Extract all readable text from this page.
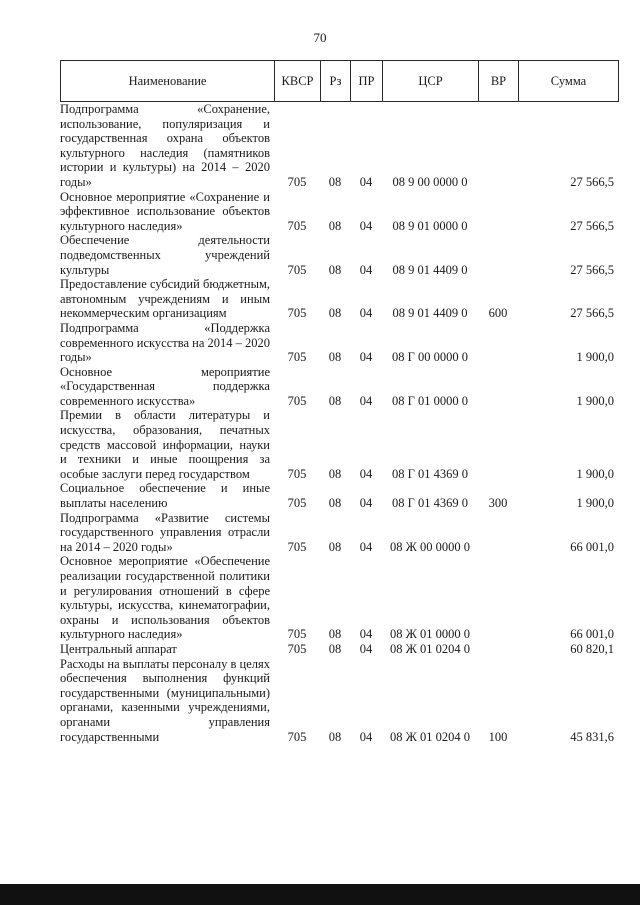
70
Наименование	КВСР	Рз	ПР	ЦСР	ВР	Сумма
Подпрограмма «Сохранение, использование, популяризация и государственная охрана объектов культурного наследия (памятников истории и культуры) на 2014 – 2020 годы»	705	08	04	08 9 00 0000 0		27 566,5
Основное мероприятие «Сохранение и эффективное использование объектов культурного наследия»	705	08	04	08 9 01 0000 0		27 566,5
Обеспечение деятельности подведомственных учреждений культуры	705	08	04	08 9 01 4409 0		27 566,5
Предоставление субсидий бюджетным, автономным учреждениям и иным некоммерческим организациям	705	08	04	08 9 01 4409 0	600	27 566,5
Подпрограмма «Поддержка современного искусства на 2014 – 2020 годы»	705	08	04	08 Г 00 0000 0		1 900,0
Основное мероприятие «Государственная поддержка современного искусства»	705	08	04	08 Г 01 0000 0		1 900,0
Премии в области литературы и искусства, образования, печатных средств массовой информации, науки и техники и иные поощрения за особые заслуги перед государством	705	08	04	08 Г 01 4369 0		1 900,0
Социальное обеспечение и иные выплаты населению	705	08	04	08 Г 01 4369 0	300	1 900,0
Подпрограмма «Развитие системы государственного управления отрасли на 2014 – 2020 годы»	705	08	04	08 Ж 00 0000 0		66 001,0
Основное мероприятие «Обеспечение реализации государственной политики и регулирования отношений в сфере культуры, искусства, кинематографии, охраны и использования объектов культурного наследия»	705	08	04	08 Ж 01 0000 0		66 001,0
Центральный аппарат	705	08	04	08 Ж 01 0204 0		60 820,1
Расходы на выплаты персоналу в целях обеспечения выполнения функций государственными (муниципальными) органами, казенными учреждениями, органами управления государственными	705	08	04	08 Ж 01 0204 0	100	45 831,6
